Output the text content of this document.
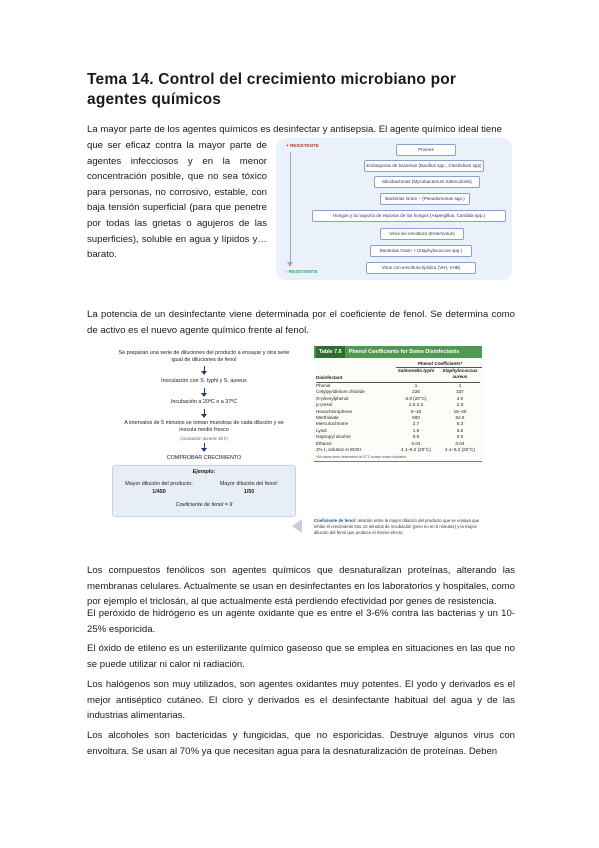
Tema 14. Control del crecimiento microbiano por agentes químicos

La mayor parte de los agentes químicos es desinfectar y antisepsia. El agente químico ideal tiene

que ser eficaz contra la mayor parte de agentes infecciosos y en la menor concentración posible, que no sea tóxico para personas, no corrosivo, estable, con baja tensión superficial (para que penetre por todas las grietas o agujeros de las superficies), soluble en agua y lípidos y… barato.

+ RESISTENTE
- RESISTENTE
Priones
Endosporas de bacterias (Bacillus spp., Clostridium spp)
Micobacterias (Mycobacterium tuberculosis)
Bacterias Gram – (Pseudomonas spp.)
Hongos y la mayoría de esporas de los hongos (Aspergillus, Candida spp.)
Virus sin envoltura (Enterovirus)
Bacterias Gram + (Staphylococcus spp.)
Virus con envoltura lipídica (VIH, VHB)

La potencia de un desinfectante viene determinada por el coeficiente de fenol. Se determina como de activo es el nuevo agente químico frente al fenol.

Se preparan una serie de diluciones del producto a ensayar y otra serie igual de diluciones de fenol
Inoculación con S. typhi y S. aureus
Incubación a 20ºC o a 37ºC
A intervalos de 5 minutos se toman muestras de cada dilución y se inocula medio fresco
(incubación durante 48 h)
COMPROBAR CRECIMIENTO
Ejemplo:
Mayor dilución del producto:
1/450
Mayor dilución del fenol:
1/50
Coeficiente de fenol = 9
Table 7.6 Phenol Coefficients for Some Disinfectants
Phenol Coefficients*
Disinfectant
Salmonella typhi	Staphylococcus aureus
Phenol	1	1
Cetylpyridinium chloride	228	337
O-phenylphenol	5.6 (20°C)	4.0
p-cresol	2.0 2.3	2.3
Hexachlorophene	5–15	15–40
Merthiolate	600	62.5
Mercurochrome	2.7	5.3
Lysol	1.9	3.5
Isopropyl alcohol	0.6	0.5
Ethanol	0.04	0.04
2% I₂ solution in EtOH	4.1–5.2 (20°C)	4.1–5.2 (20°C)
*All values were determined at 37°C except where indicated.
Coeficiente de fenol: relación entre la mayor dilución del producto que se ensaya que inhibe el crecimiento tras 10 minutos de incubación (pero no en 5 minutos) y la mayor dilución del fenol que produce el mismo efecto.

Los compuestos fenólicos son agentes químicos que desnaturalizan proteínas, alterando las membranas celulares. Actualmente se usan en desinfectantes en los laboratorios y hospitales, como por ejemplo el triclosán, al que actualmente está perdiendo efectividad por genes de resistencia.

El peróxido de hidrógeno es un agente oxidante que es entre el 3-6% contra las bacterias y un 10-25% esporicida.

El óxido de etileno es un esterilizante químico gaseoso que se emplea en situaciones en las que no se puede utilizar ni calor ni radiación.

Los halógenos son muy utilizados, son agentes oxidantes muy potentes. El yodo y derivados es el mejor antiséptico cutáneo. El cloro y derivados es el desinfectante habitual del agua y de las industrias alimentarias.

Los alcoholes son bactericidas y fungicidas, que no esporicidas. Destruye algunos virus con envoltura. Se usan al 70% ya que necesitan agua para la desnaturalización de proteínas. Deben
